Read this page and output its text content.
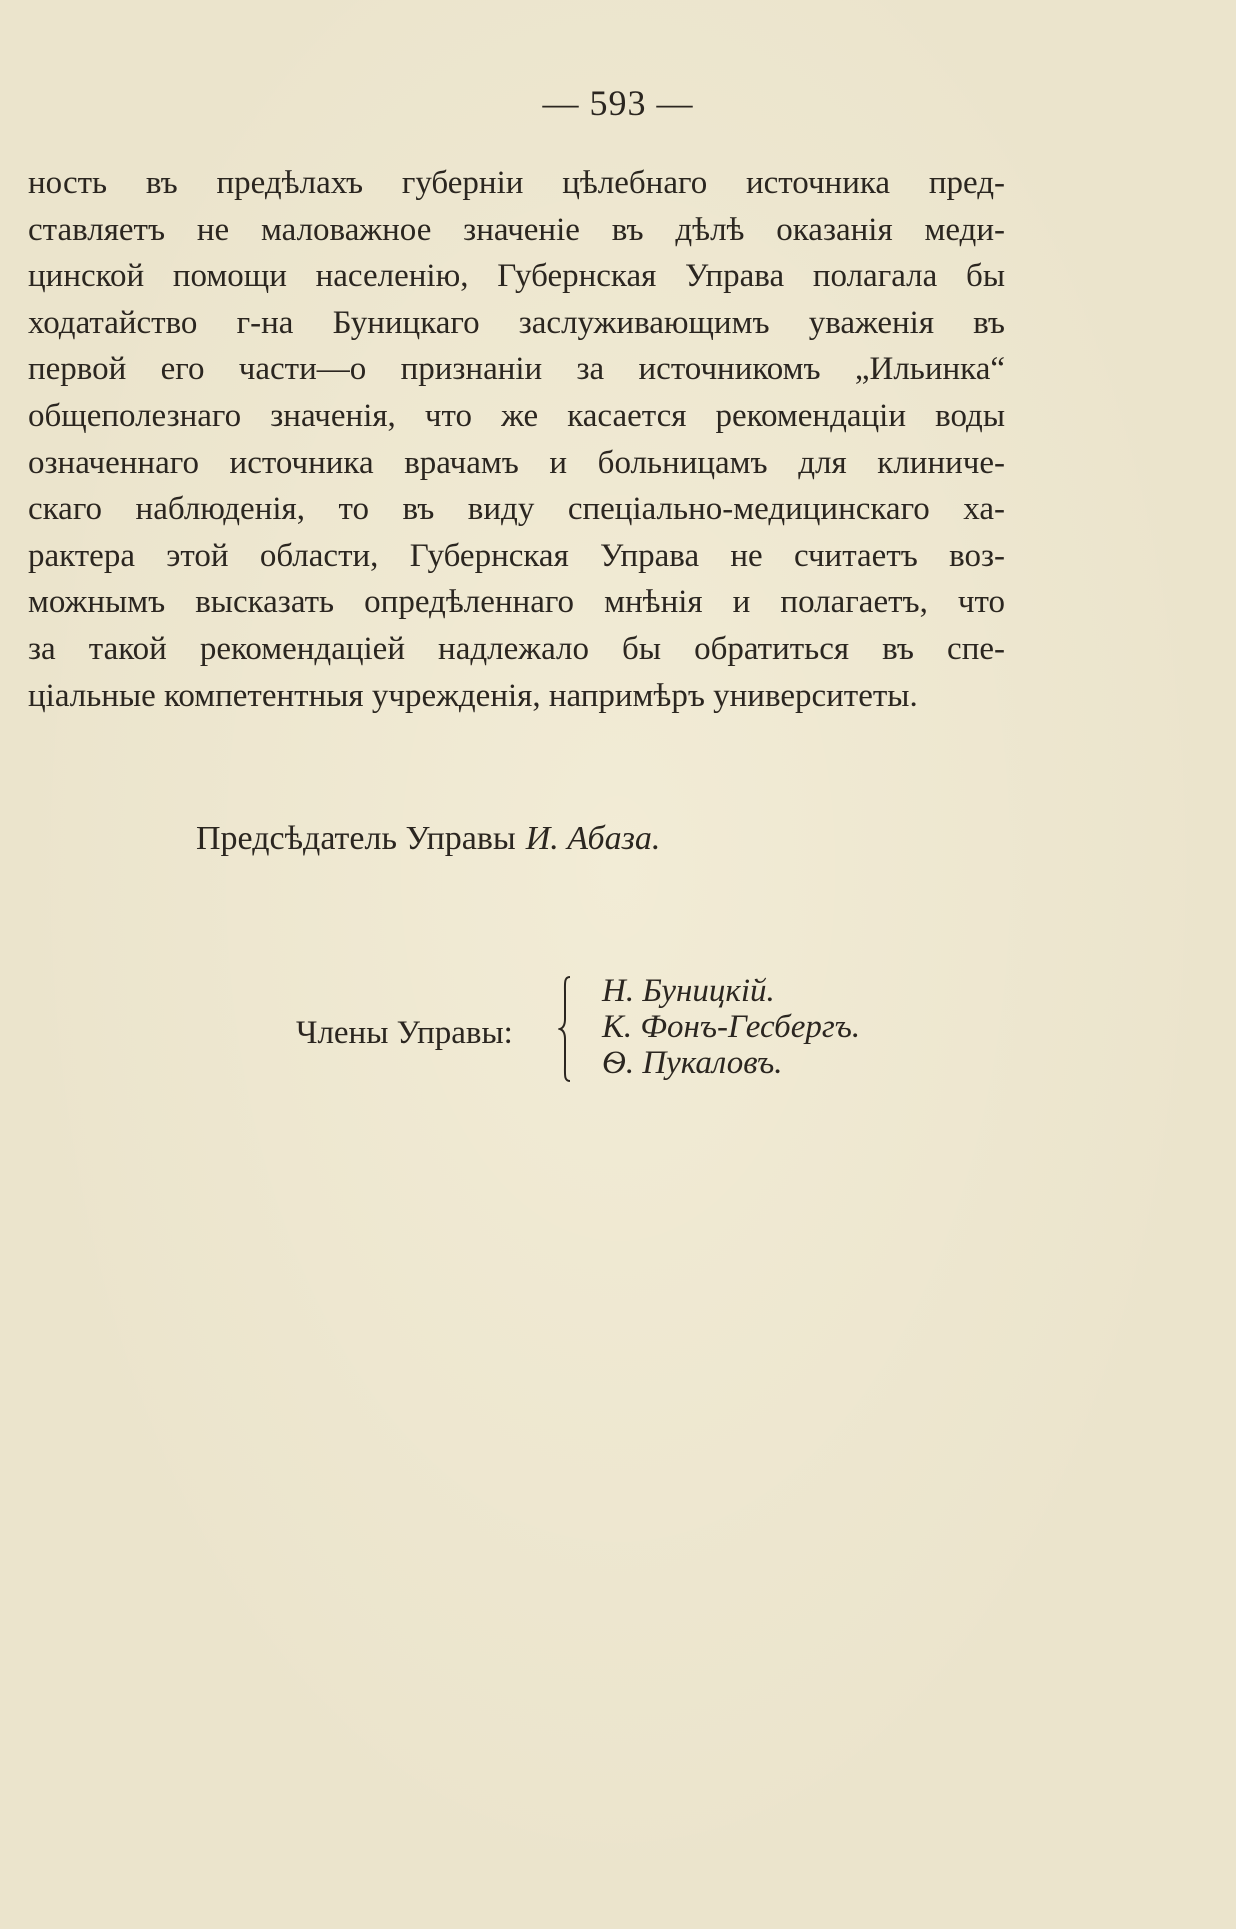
— 593 —
ность въ предѣлахъ губерніи цѣлебнаго источника пред-
ставляетъ не маловажное значеніе въ дѣлѣ оказанія меди-
цинской помощи населенію, Губернская Управа полагала бы
ходатайство г-на Буницкаго заслуживающимъ уваженія въ
первой его части—о признаніи за источникомъ „Ильинка“
общеполезнаго значенія, что же касается рекомендаціи воды
означеннаго источника врачамъ и больницамъ для клиниче-
скаго наблюденія, то въ виду спеціально-медицинскаго ха-
рактера этой области, Губернская Управа не считаетъ воз-
можнымъ высказать опредѣленнаго мнѣнія и полагаетъ, что
за такой рекомендаціей надлежало бы обратиться въ спе-
ціальные компетентныя учрежденія, напримѣръ университеты.
Предсѣдатель Управы И. Абаза.
Члены Управы:
Н. Буницкій.
К. Фонъ-Гесбергъ.
Ѳ. Пукаловъ.
